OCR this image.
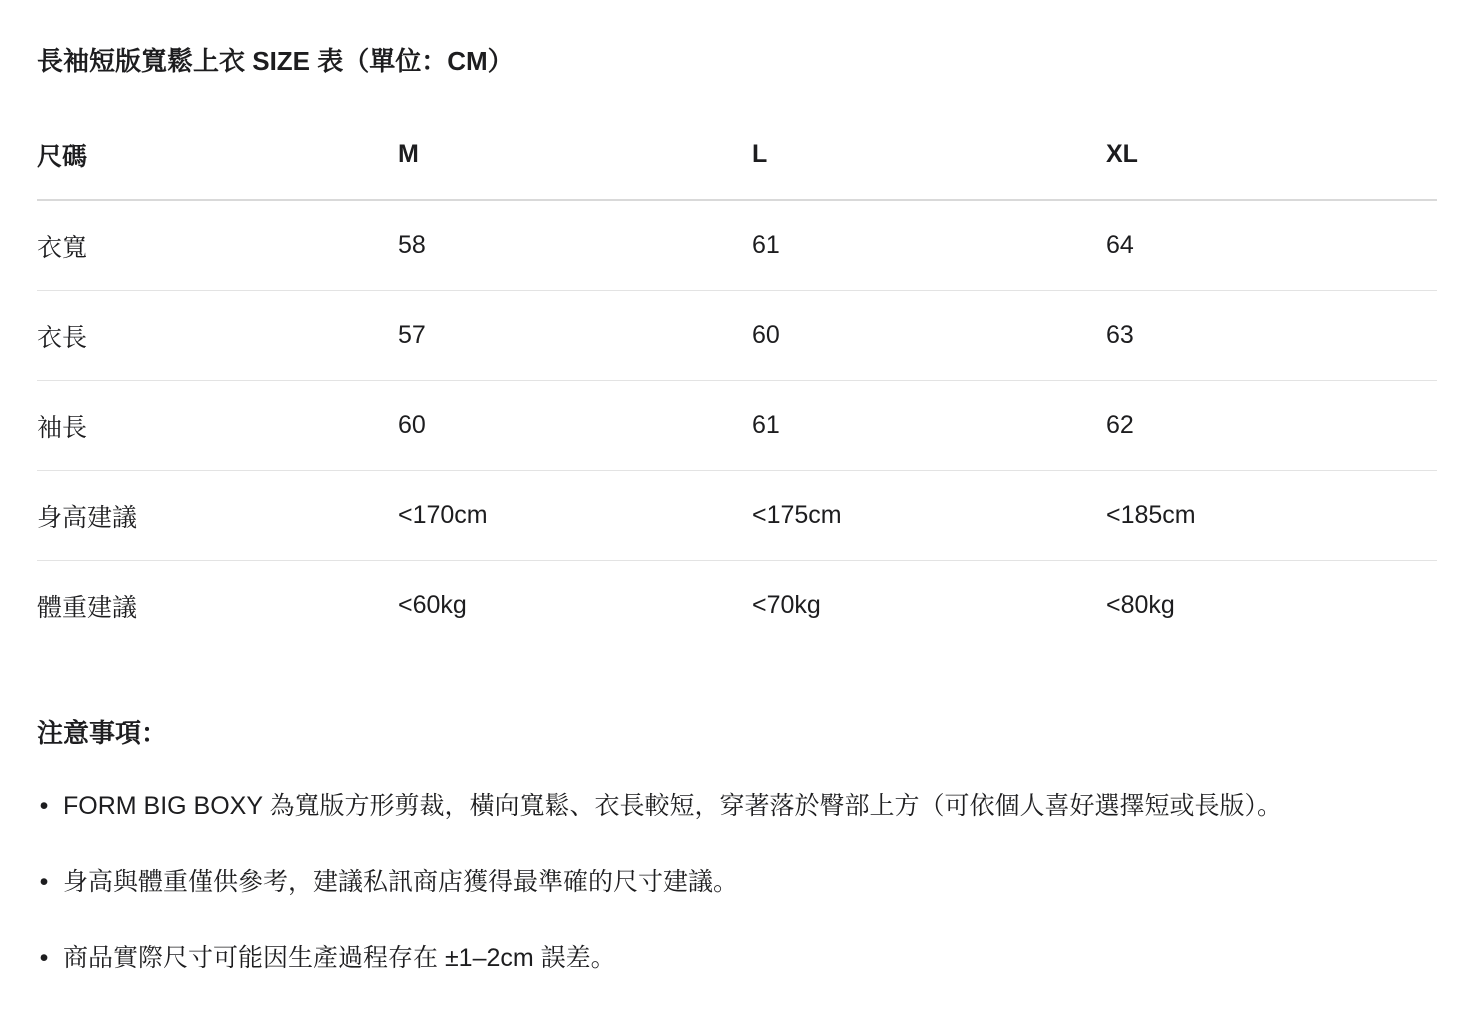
長袖短版寬鬆上衣 SIZE 表（單位：CM）
尺碼	M	L	XL
衣寬	58	61	64
衣長	57	60	63
袖長	60	61	62
身高建議	<170cm	<175cm	<185cm
體重建議	<60kg	<70kg	<80kg
注意事項：
• FORM BIG BOXY 為寬版方形剪裁，橫向寬鬆、衣長較短，穿著落於臀部上方（可依個人喜好選擇短或長版）。
• 身高與體重僅供參考，建議私訊商店獲得最準確的尺寸建議。
• 商品實際尺寸可能因生產過程存在 ±1–2cm 誤差。
